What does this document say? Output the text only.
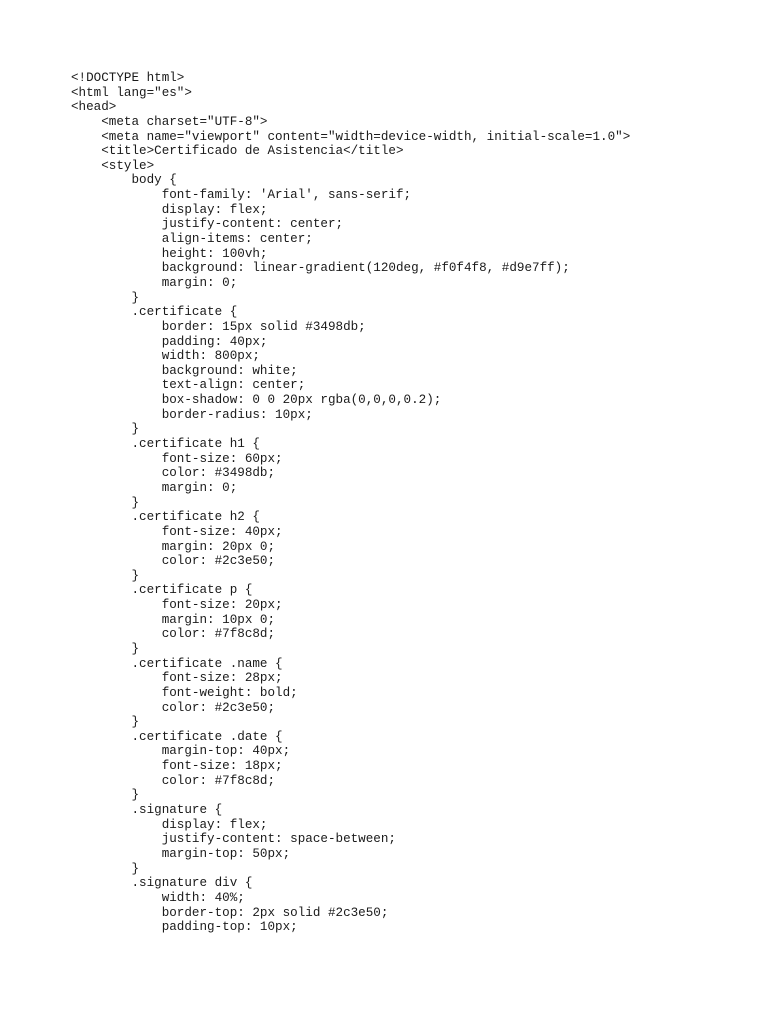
<!DOCTYPE html>
<html lang="es">
<head>
<meta charset="UTF-8">
<meta name="viewport" content="width=device-width, initial-scale=1.0">
<title>Certificado de Asistencia</title>
<style>
body {
font-family: 'Arial', sans-serif;
display: flex;
justify-content: center;
align-items: center;
height: 100vh;
background: linear-gradient(120deg, #f0f4f8, #d9e7ff);
margin: 0;
}
.certificate {
border: 15px solid #3498db;
padding: 40px;
width: 800px;
background: white;
text-align: center;
box-shadow: 0 0 20px rgba(0,0,0,0.2);
border-radius: 10px;
}
.certificate h1 {
font-size: 60px;
color: #3498db;
margin: 0;
}
.certificate h2 {
font-size: 40px;
margin: 20px 0;
color: #2c3e50;
}
.certificate p {
font-size: 20px;
margin: 10px 0;
color: #7f8c8d;
}
.certificate .name {
font-size: 28px;
font-weight: bold;
color: #2c3e50;
}
.certificate .date {
margin-top: 40px;
font-size: 18px;
color: #7f8c8d;
}
.signature {
display: flex;
justify-content: space-between;
margin-top: 50px;
}
.signature div {
width: 40%;
border-top: 2px solid #2c3e50;
padding-top: 10px;
